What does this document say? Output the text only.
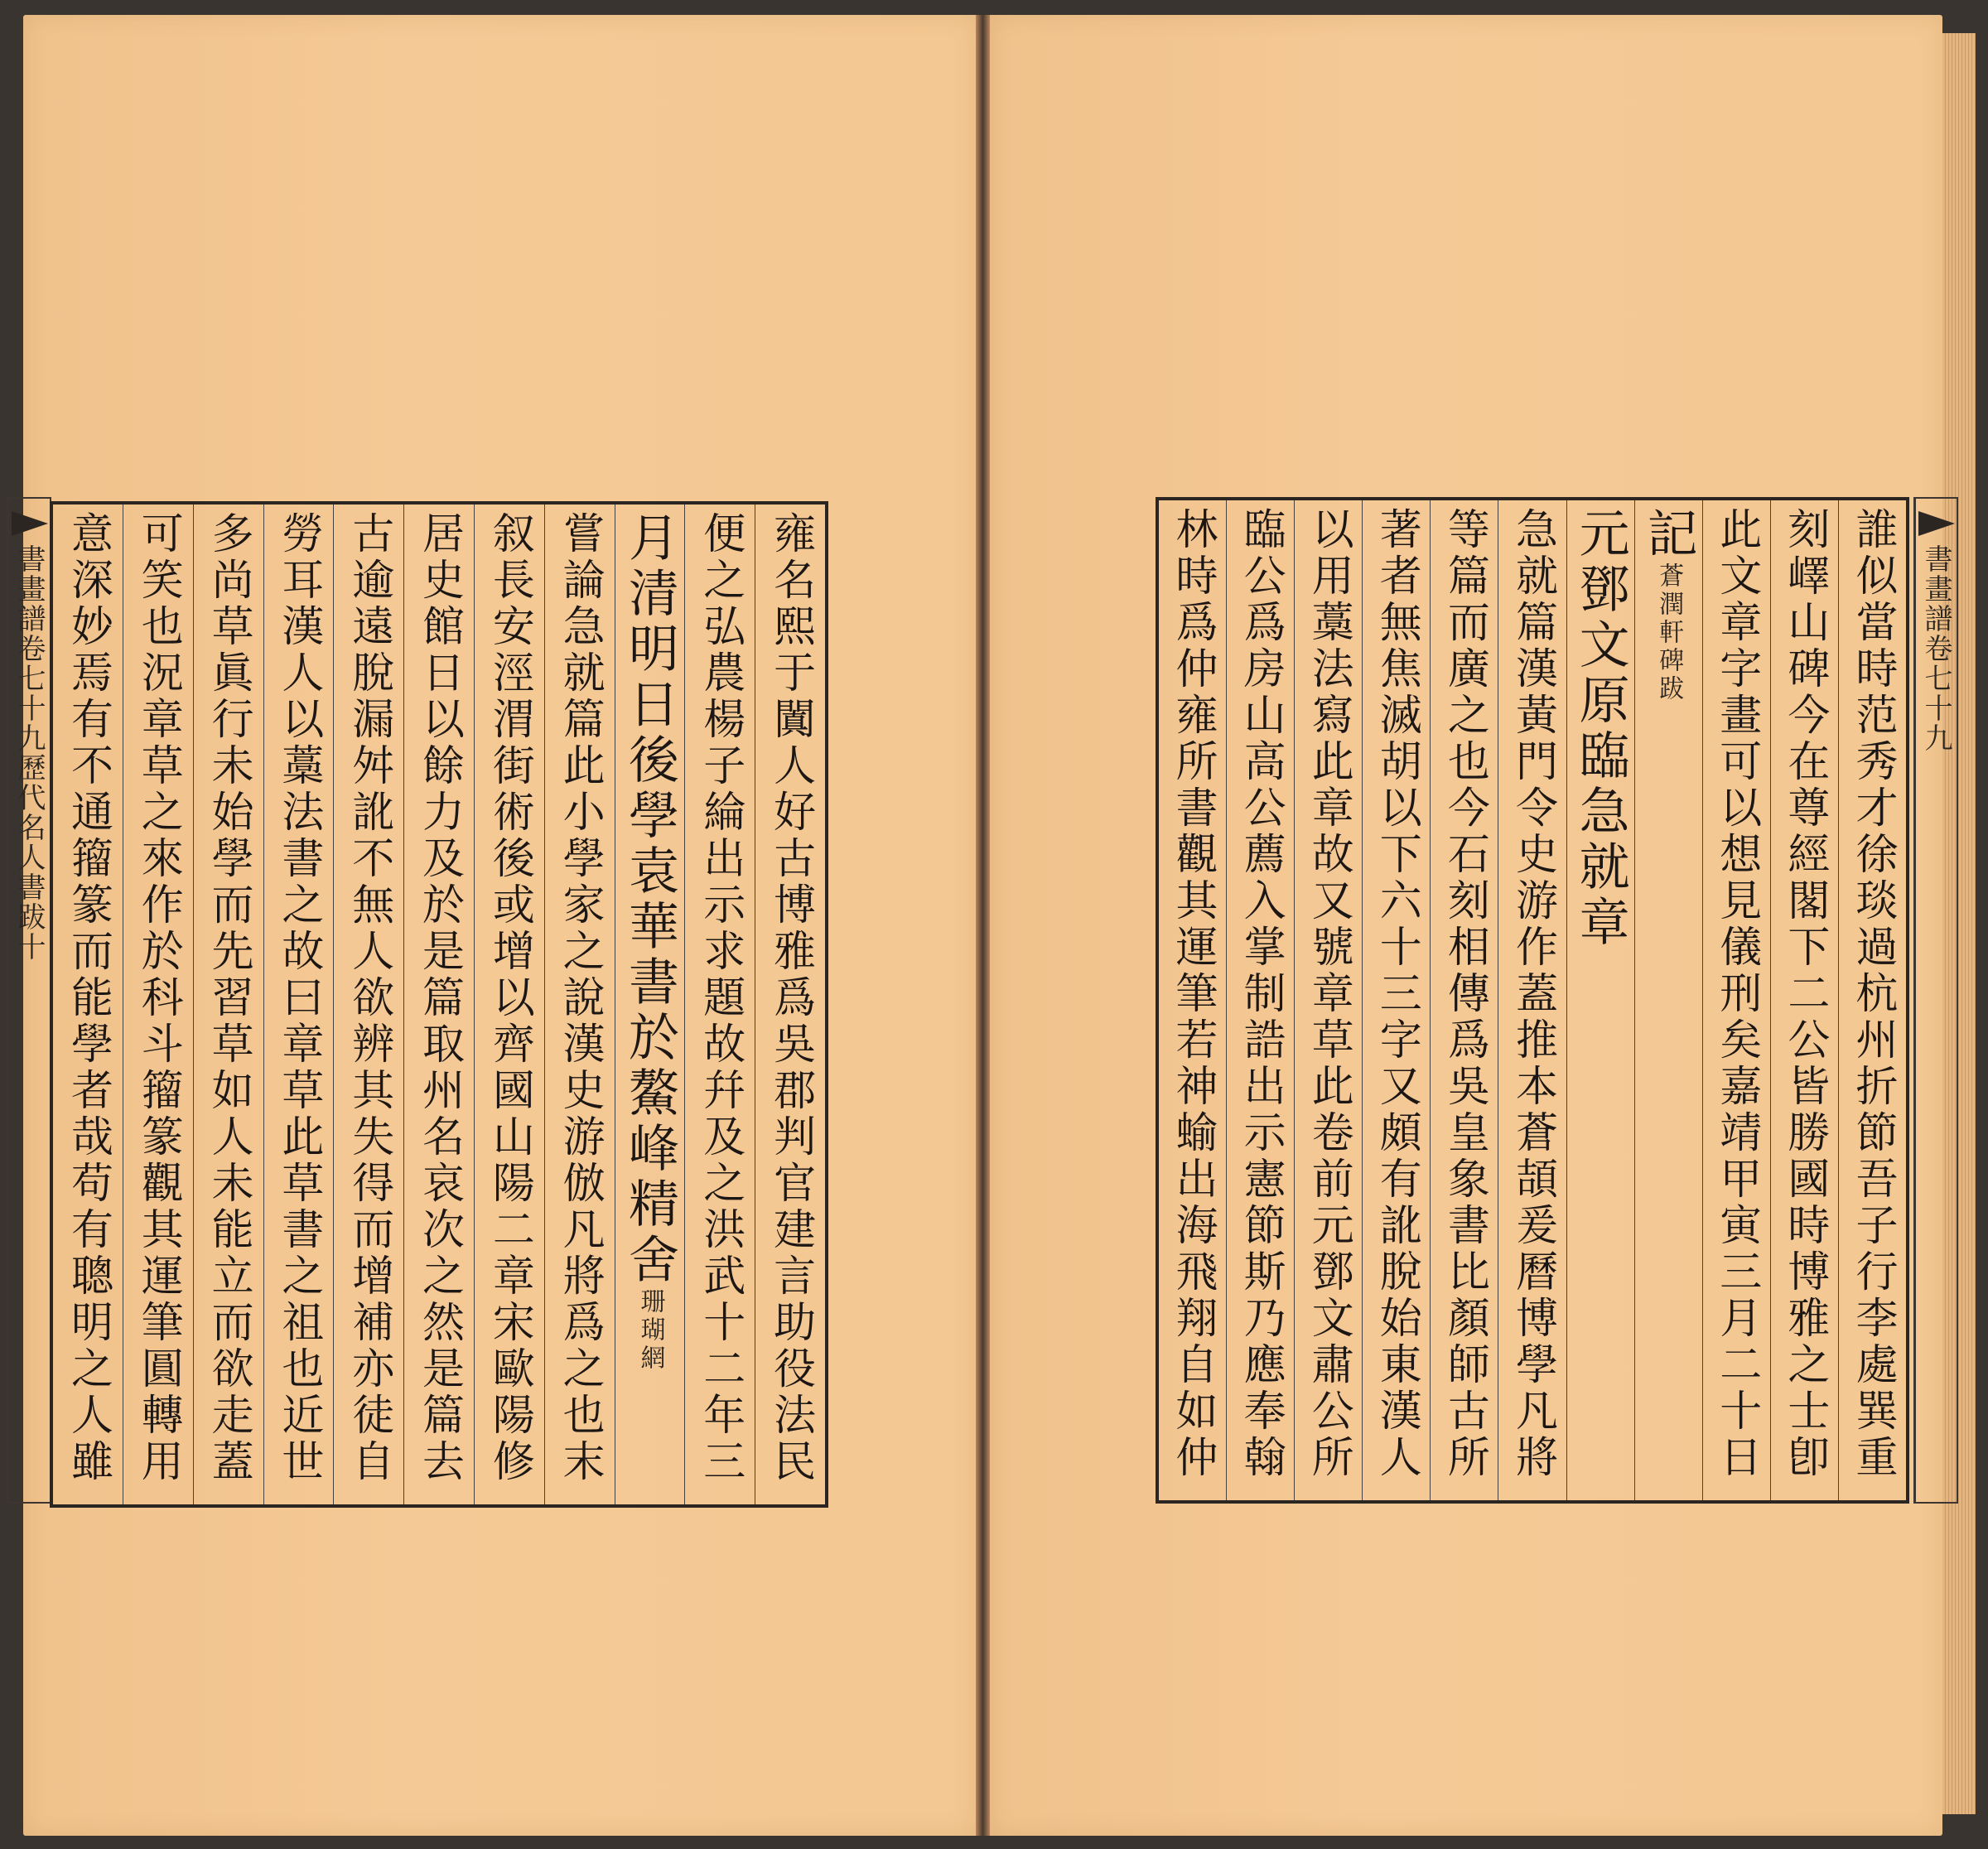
書畫譜卷七十九歷代名人書跋十	雍名熙于闐人好古博雅爲吳郡判官建言助役法民
便之弘農楊子綸出示求題故幷及之洪武十二年三
月清明日後學袁華書於鰲峰精舍
珊瑚網
嘗論急就篇此小學家之說漢史游倣凡將爲之也末
叙長安涇渭街術後或增以齊國山陽二章宋歐陽修
居史館日以餘力及於是篇取州名哀次之然是篇去
古逾遠脫漏舛訛不無人欲辨其失得而增補亦徒自
勞耳漢人以藁法書之故曰章草此草書之祖也近世
多尚草眞行未始學而先習草如人未能立而欲走蓋
可笑也況章草之來作於科斗籀篆觀其運筆圓轉用
意深妙焉有不通籀篆而能學者哉苟有聰明之人雖	誰似當時范秀才徐琰過杭州折節吾子行李處巽重
刻嶧山碑今在尊經閣下二公皆勝國時博雅之士卽
此文章字畫可以想見儀刑矣嘉靖甲寅三月二十日
記
蒼潤軒碑跋
元鄧文原臨急就章
急就篇漢黃門令史游作蓋推本蒼頡爰曆博學凡將
等篇而廣之也今石刻相傳爲吳皇象書比顏師古所
著者無焦滅胡以下六十三字又頗有訛脫始東漢人
以用藁法寫此章故又號章草此卷前元鄧文肅公所
臨公爲房山高公薦入掌制誥出示憲節斯乃應奉翰
林時爲仲雍所書觀其運筆若神蝓出海飛翔自如仲	書畫譜卷七十九
